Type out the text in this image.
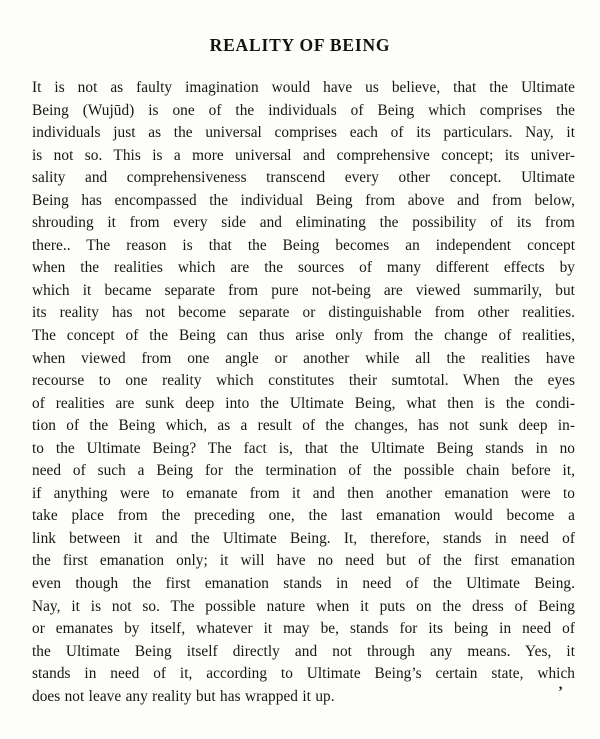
REALITY OF BEING
It is not as faulty imagination would have us believe, that the Ultimate
Being (Wujūd) is one of the individuals of Being which comprises the
individuals just as the universal comprises each of its particulars. Nay, it
is not so. This is a more universal and comprehensive concept; its univer-
sality and comprehensiveness transcend every other concept. Ultimate
Being has encompassed the individual Being from above and from below,
shrouding it from every side and eliminating the possibility of its from
there.. The reason is that the Being becomes an independent concept
when the realities which are the sources of many different effects by
which it became separate from pure not-being are viewed summarily, but
its reality has not become separate or distinguishable from other realities.
The concept of the Being can thus arise only from the change of realities,
when viewed from one angle or another while all the realities have
recourse to one reality which constitutes their sumtotal. When the eyes
of realities are sunk deep into the Ultimate Being, what then is the condi-
tion of the Being which, as a result of the changes, has not sunk deep in-
to the Ultimate Being? The fact is, that the Ultimate Being stands in no
need of such a Being for the termination of the possible chain before it,
if anything were to emanate from it and then another emanation were to
take place from the preceding one, the last emanation would become a
link between it and the Ultimate Being. It, therefore, stands in need of
the first emanation only; it will have no need but of the first emanation
even though the first emanation stands in need of the Ultimate Being.
Nay, it is not so. The possible nature when it puts on the dress of Being
or emanates by itself, whatever it may be, stands for its being in need of
the Ultimate Being itself directly and not through any means. Yes, it
stands in need of it, according to Ultimate Being’s certain state, which
does not leave any reality but has wrapped it up.	’
